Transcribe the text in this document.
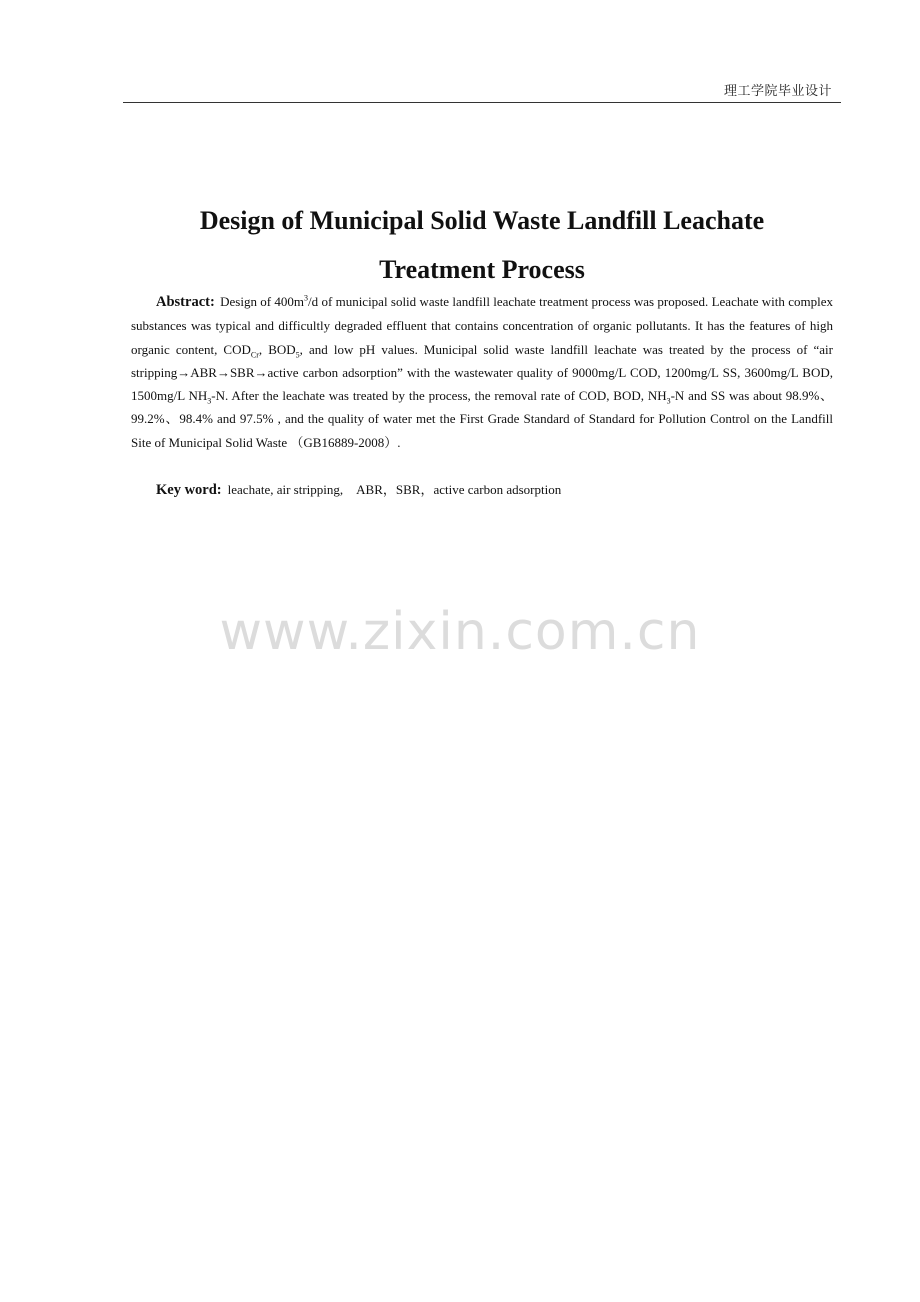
理工学院毕业设计
Design of Municipal Solid Waste Landfill Leachate
Treatment Process
Abstract: Design of $400m^3/d$ of municipal solid waste landfill leachate treatment process was proposed. Leachate with complex substances was typical and difficultly degraded effluent that contains concentration of organic pollutants. It has the features of high organic content, $COD_{Cr}$, $BOD_5$, and low pH values. Municipal solid waste landfill leachate was treated by the process of “air stripping→ABR→SBR→active carbon adsorption” with the wastewater quality of 9000mg/L COD, 1200mg/L SS, 3600mg/L BOD, 1500mg/L $NH_3-N$. After the leachate was treated by the process, the removal rate of COD, BOD, $NH_3-N$ and SS was about 98.9%、99.2%、98.4% and 97.5% , and the quality of water met the First Grade Standard of Standard for Pollution Control on the Landfill Site of Municipal Solid Waste （GB16889-2008）.
Key word: leachate, air stripping,　ABR，SBR，active carbon adsorption
www.zixin.com.cn
